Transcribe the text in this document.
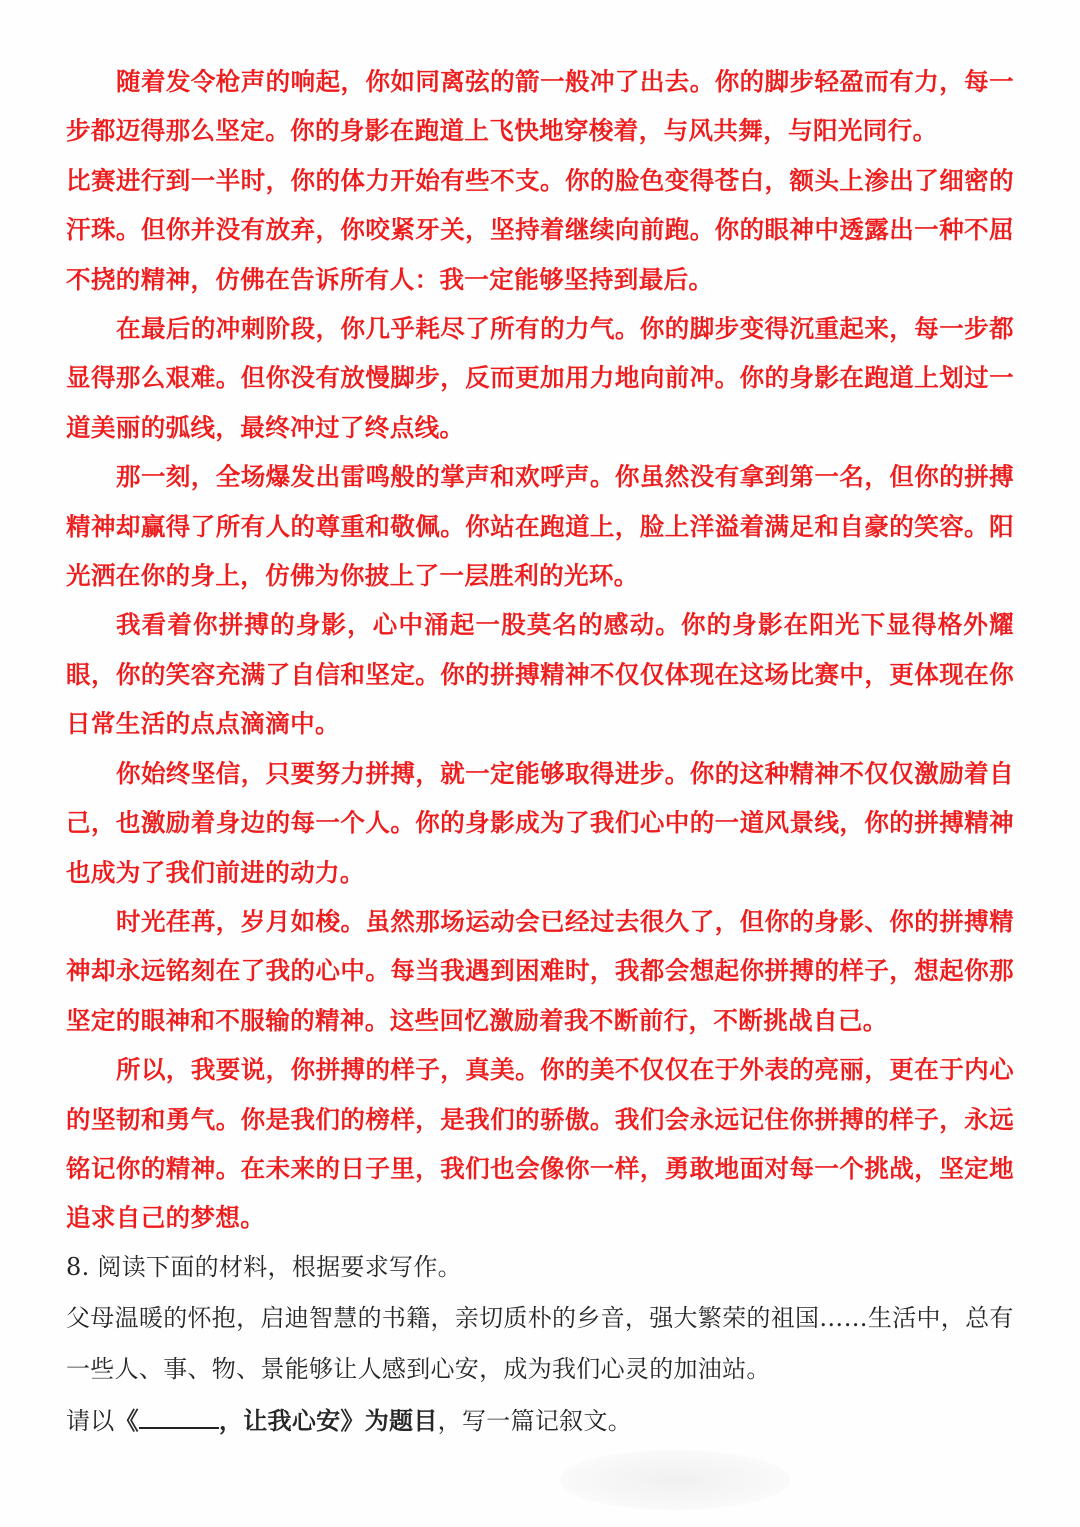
随着发令枪声的响起，你如同离弦的箭一般冲了出去。你的脚步轻盈而有力，每一步都迈得那么坚定。你的身影在跑道上飞快地穿梭着，与风共舞，与阳光同行。

比赛进行到一半时，你的体力开始有些不支。你的脸色变得苍白，额头上渗出了细密的汗珠。但你并没有放弃，你咬紧牙关，坚持着继续向前跑。你的眼神中透露出一种不屈不挠的精神，仿佛在告诉所有人：我一定能够坚持到最后。

在最后的冲刺阶段，你几乎耗尽了所有的力气。你的脚步变得沉重起来，每一步都显得那么艰难。但你没有放慢脚步，反而更加用力地向前冲。你的身影在跑道上划过一道美丽的弧线，最终冲过了终点线。

那一刻，全场爆发出雷鸣般的掌声和欢呼声。你虽然没有拿到第一名，但你的拼搏精神却赢得了所有人的尊重和敬佩。你站在跑道上，脸上洋溢着满足和自豪的笑容。阳光洒在你的身上，仿佛为你披上了一层胜利的光环。

我看着你拼搏的身影，心中涌起一股莫名的感动。你的身影在阳光下显得格外耀眼，你的笑容充满了自信和坚定。你的拼搏精神不仅仅体现在这场比赛中，更体现在你日常生活的点点滴滴中。

你始终坚信，只要努力拼搏，就一定能够取得进步。你的这种精神不仅仅激励着自己，也激励着身边的每一个人。你的身影成为了我们心中的一道风景线，你的拼搏精神也成为了我们前进的动力。

时光荏苒，岁月如梭。虽然那场运动会已经过去很久了，但你的身影、你的拼搏精神却永远铭刻在了我的心中。每当我遇到困难时，我都会想起你拼搏的样子，想起你那坚定的眼神和不服输的精神。这些回忆激励着我不断前行，不断挑战自己。

所以，我要说，你拼搏的样子，真美。你的美不仅仅在于外表的亮丽，更在于内心的坚韧和勇气。你是我们的榜样，是我们的骄傲。我们会永远记住你拼搏的样子，永远铭记你的精神。在未来的日子里，我们也会像你一样，勇敢地面对每一个挑战，坚定地追求自己的梦想。

8. 阅读下面的材料，根据要求写作。

父母温暖的怀抱，启迪智慧的书籍，亲切质朴的乡音，强大繁荣的祖国……生活中，总有一些人、事、物、景能够让人感到心安，成为我们心灵的加油站。

请以《	，让我心安》为题目，写一篇记叙文。
